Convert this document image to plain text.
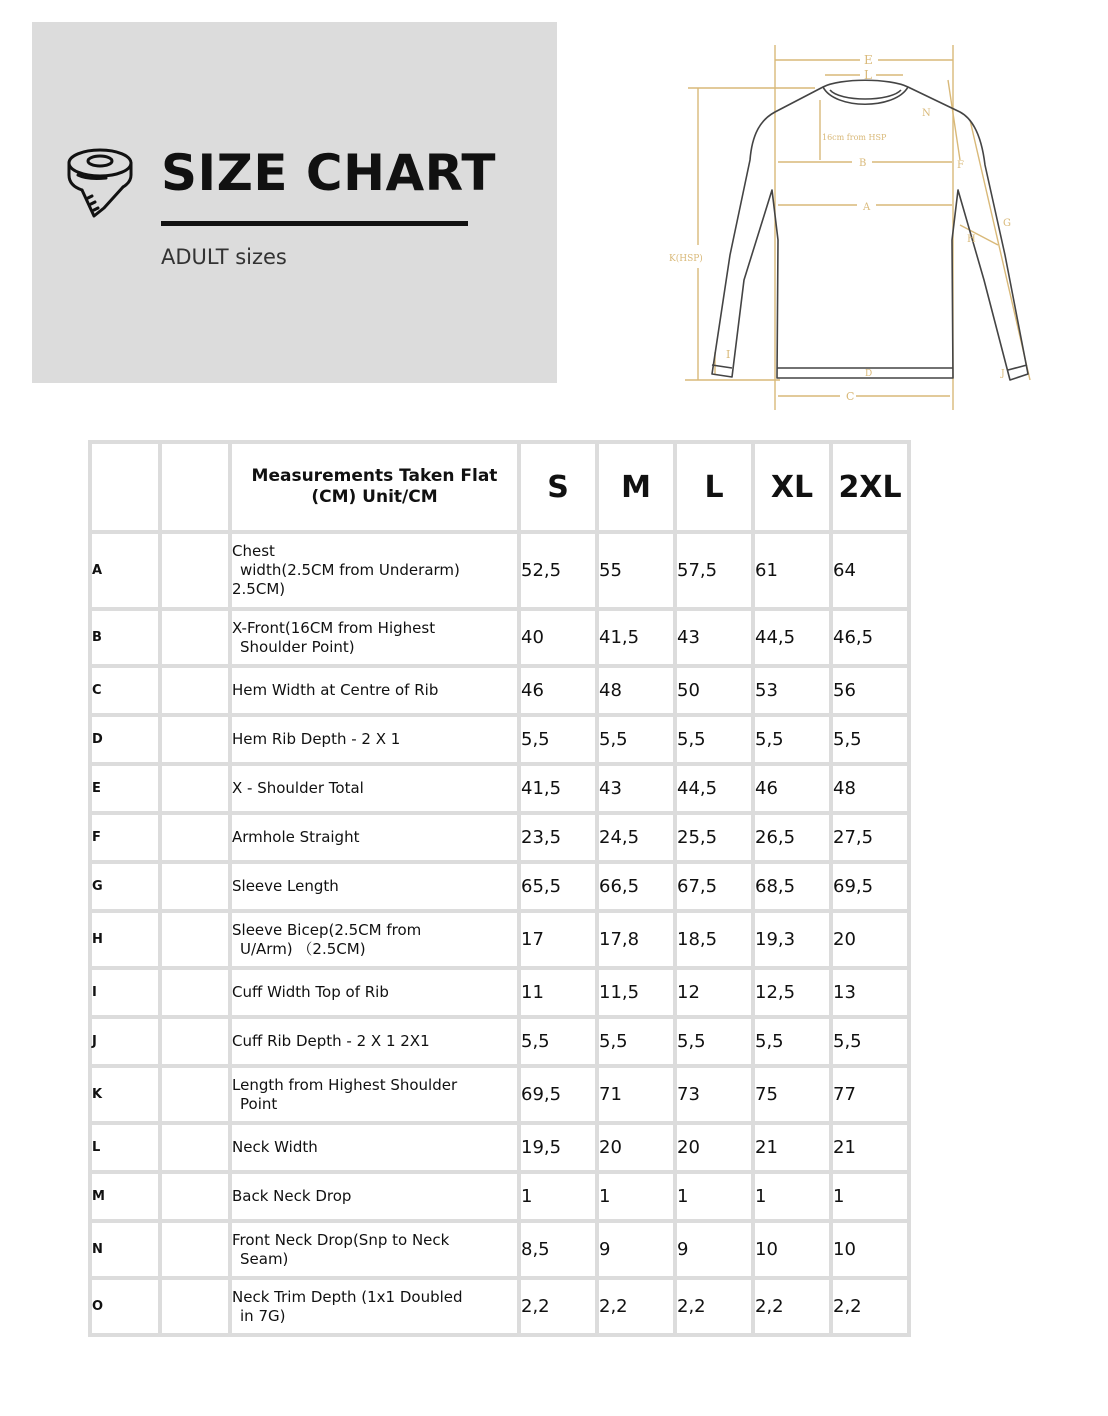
SIZE CHART
ADULT sizes
E
L
N
16cm from HSP
B
A
F
G
H
K(HSP)
I
D
C
J
		Measurements Taken Flat (CM) Unit/CM	S	M	L	XL	2XL
A		Chest
width(2.5CM from Underarm)
2.5CM)	52,5	55	57,5	61	64
B		X-Front(16CM from Highest
Shoulder Point)	40	41,5	43	44,5	46,5
C		Hem Width at Centre of Rib	46	48	50	53	56
D		Hem Rib Depth - 2 X 1	5,5	5,5	5,5	5,5	5,5
E		X - Shoulder Total	41,5	43	44,5	46	48
F		Armhole Straight	23,5	24,5	25,5	26,5	27,5
G		Sleeve Length	65,5	66,5	67,5	68,5	69,5
H		Sleeve Bicep(2.5CM from
U/Arm) （2.5CM)	17	17,8	18,5	19,3	20
I		Cuff Width Top of Rib	11	11,5	12	12,5	13
J		Cuff Rib Depth - 2 X 1 2X1	5,5	5,5	5,5	5,5	5,5
K		Length from Highest Shoulder
Point	69,5	71	73	75	77
L		Neck Width	19,5	20	20	21	21
M		Back Neck Drop	1	1	1	1	1
N		Front Neck Drop(Snp to Neck
Seam)	8,5	9	9	10	10
O		Neck Trim Depth (1x1 Doubled
in 7G)	2,2	2,2	2,2	2,2	2,2
